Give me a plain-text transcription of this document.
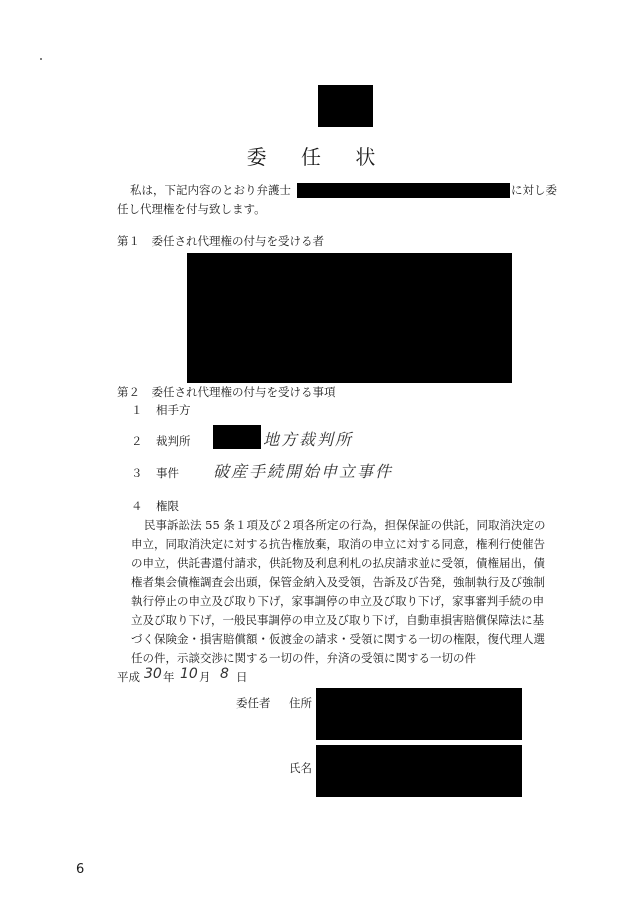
委 任 状
私は，下記内容のとおり弁護士	に対し委
任し代理権を付与致します。
第１　委任され代理権の付与を受ける者
第２　委任され代理権の付与を受ける事項
１ 相手方
２ 裁判所	地方裁判所
３ 事件 破産手続開始申立事件
４ 権限
民事訴訟法 55 条１項及び２項各所定の行為，担保保証の供託，同取消決定の
申立，同取消決定に対する抗告権放棄，取消の申立に対する同意，権利行使催告
の申立，供託書還付請求，供託物及利息利札の払戻請求並に受領，債権届出，債
権者集会債権調査会出頭，保管金納入及受領，告訴及び告発，強制執行及び強制
執行停止の申立及び取り下げ，家事調停の申立及び取り下げ，家事審判手続の申
立及び取り下げ，一般民事調停の申立及び取り下げ，自動車損害賠償保障法に基
づく保険金・損害賠償額・仮渡金の請求・受領に関する一切の権限，復代理人選
任の件，示談交渉に関する一切の件，弁済の受領に関する一切の件
平成 30 年 10 月 8 日
委任者 住所
氏名
6
